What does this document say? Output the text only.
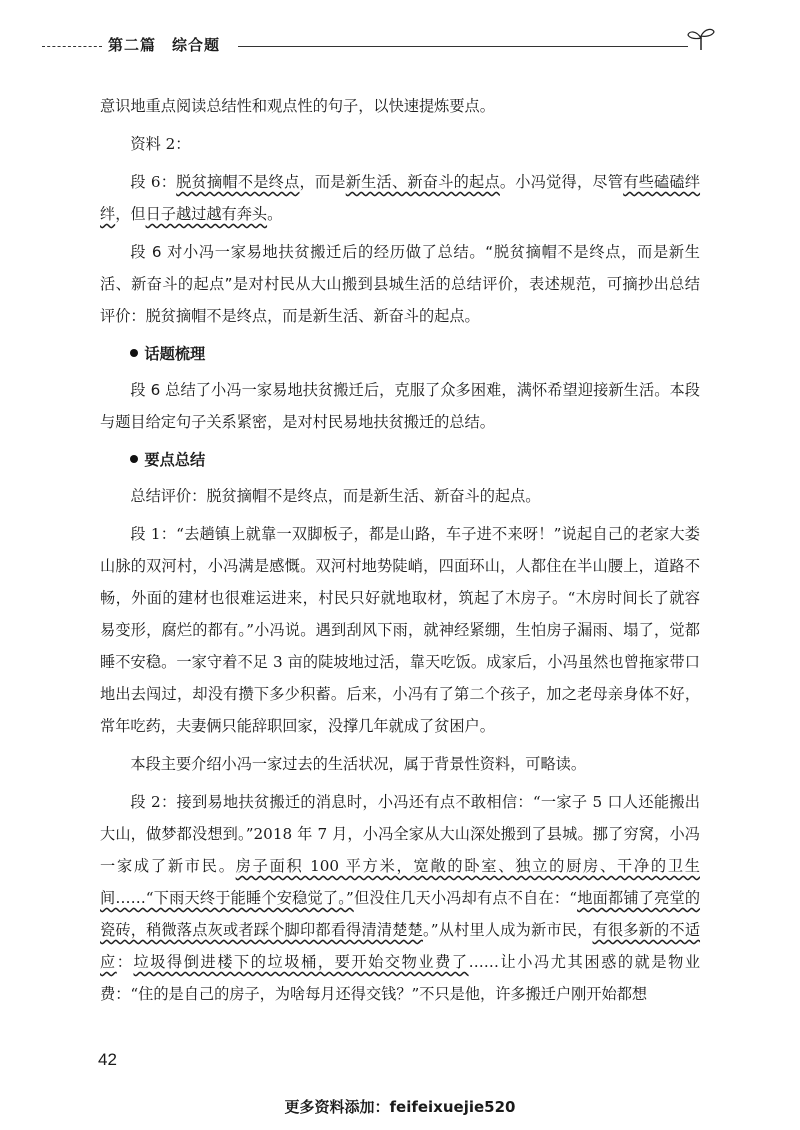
第二篇 综合题

意识地重点阅读总结性和观点性的句子，以快速提炼要点。

资料 2：

段 6：脱贫摘帽不是终点，而是新生活、新奋斗的起点。小冯觉得，尽管有些磕磕绊绊，但日子越过越有奔头。

段 6 对小冯一家易地扶贫搬迁后的经历做了总结。“脱贫摘帽不是终点，而是新生活、新奋斗的起点”是对村民从大山搬到县城生活的总结评价，表述规范，可摘抄出总结评价：脱贫摘帽不是终点，而是新生活、新奋斗的起点。

话题梳理

段 6 总结了小冯一家易地扶贫搬迁后，克服了众多困难，满怀希望迎接新生活。本段与题目给定句子关系紧密，是对村民易地扶贫搬迁的总结。

要点总结

总结评价：脱贫摘帽不是终点，而是新生活、新奋斗的起点。

段 1：“去趟镇上就靠一双脚板子，都是山路，车子进不来呀！”说起自己的老家大娄山脉的双河村，小冯满是感慨。双河村地势陡峭，四面环山，人都住在半山腰上，道路不畅，外面的建材也很难运进来，村民只好就地取材，筑起了木房子。“木房时间长了就容易变形，腐烂的都有。”小冯说。遇到刮风下雨，就神经紧绷，生怕房子漏雨、塌了，觉都睡不安稳。一家守着不足 3 亩的陡坡地过活，靠天吃饭。成家后，小冯虽然也曾拖家带口地出去闯过，却没有攒下多少积蓄。后来，小冯有了第二个孩子，加之老母亲身体不好，常年吃药，夫妻俩只能辞职回家，没撑几年就成了贫困户。

本段主要介绍小冯一家过去的生活状况，属于背景性资料，可略读。

段 2：接到易地扶贫搬迁的消息时，小冯还有点不敢相信：“一家子 5 口人还能搬出大山，做梦都没想到。”2018 年 7 月，小冯全家从大山深处搬到了县城。挪了穷窝，小冯一家成了新市民。房子面积 100 平方米，宽敞的卧室、独立的厨房、干净的卫生间……“下雨天终于能睡个安稳觉了。”但没住几天小冯却有点不自在：“地面都铺了亮堂的瓷砖，稍微落点灰或者踩个脚印都看得清清楚楚。”从村里人成为新市民，有很多新的不适应：垃圾得倒进楼下的垃圾桶，要开始交物业费了……让小冯尤其困惑的就是物业费：“住的是自己的房子，为啥每月还得交钱？”不只是他，许多搬迁户刚开始都想

42
更多资料添加：feifeixuejie520
